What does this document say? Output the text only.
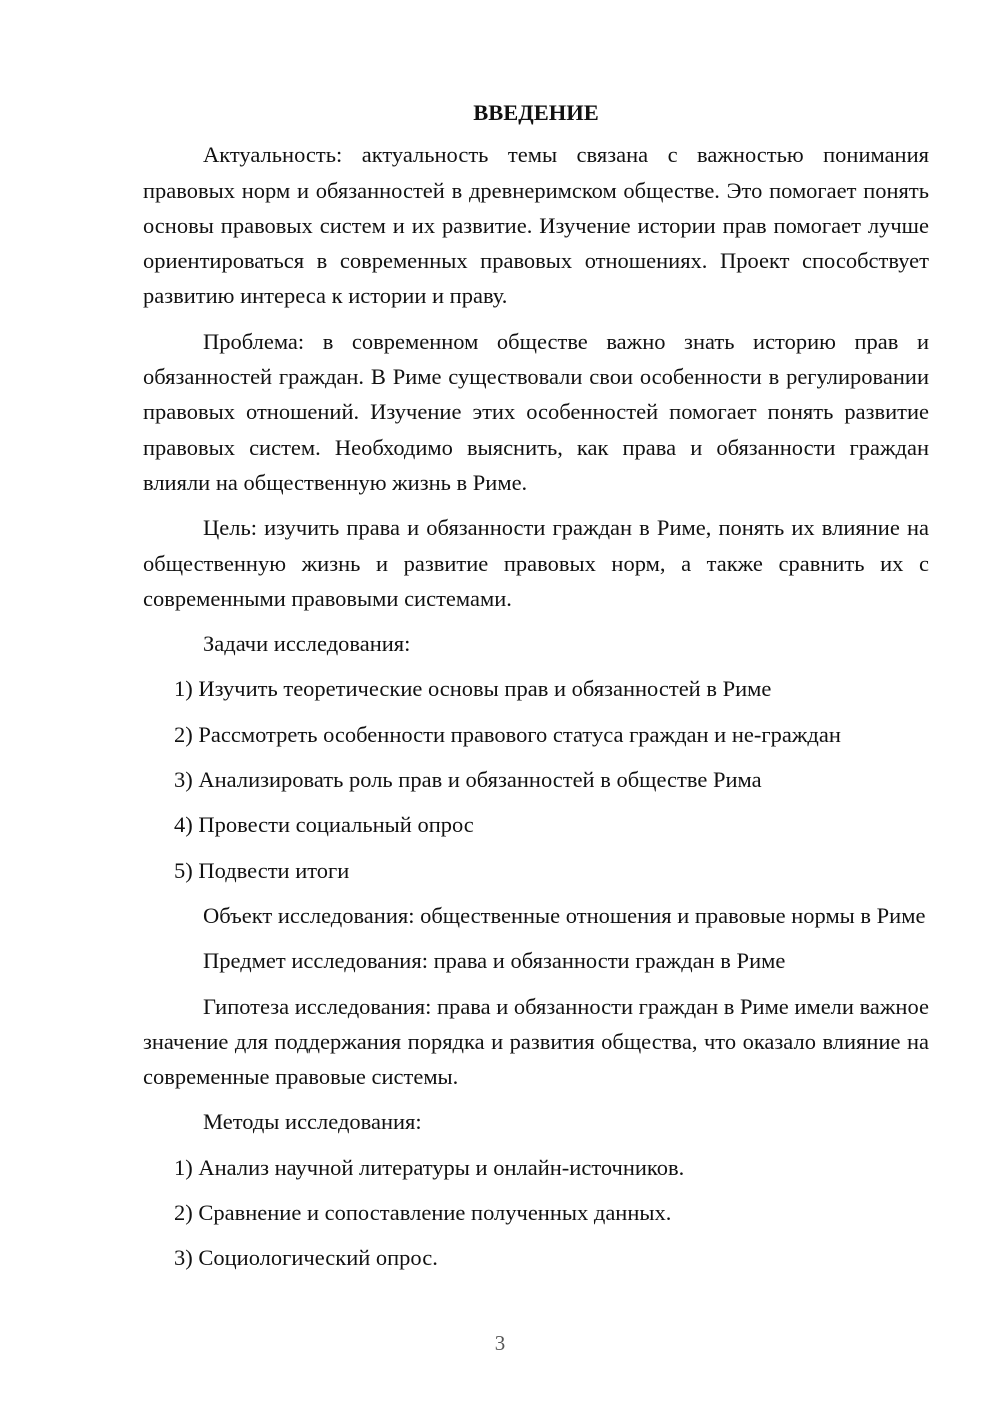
ВВЕДЕНИЕ

Актуальность: актуальность темы связана с важностью понимания правовых норм и обязанностей в древнеримском обществе. Это помогает понять основы правовых систем и их развитие. Изучение истории прав помогает лучше ориентироваться в современных правовых отношениях. Проект способствует развитию интереса к истории и праву.

Проблема: в современном обществе важно знать историю прав и обязанностей граждан. В Риме существовали свои особенности в регулировании правовых отношений. Изучение этих особенностей помогает понять развитие правовых систем. Необходимо выяснить, как права и обязанности граждан влияли на общественную жизнь в Риме.

Цель: изучить права и обязанности граждан в Риме, понять их влияние на общественную жизнь и развитие правовых норм, а также сравнить их с современными правовыми системами.

Задачи исследования:
1) Изучить теоретические основы прав и обязанностей в Риме
2) Рассмотреть особенности правового статуса граждан и не-граждан
3) Анализировать роль прав и обязанностей в обществе Рима
4) Провести социальный опрос
5) Подвести итоги

Объект исследования: общественные отношения и правовые нормы в Риме

Предмет исследования: права и обязанности граждан в Риме

Гипотеза исследования: права и обязанности граждан в Риме имели важное значение для поддержания порядка и развития общества, что оказало влияние на современные правовые системы.

Методы исследования:
1) Анализ научной литературы и онлайн-источников.
2) Сравнение и сопоставление полученных данных.
3) Социологический опрос.
3
